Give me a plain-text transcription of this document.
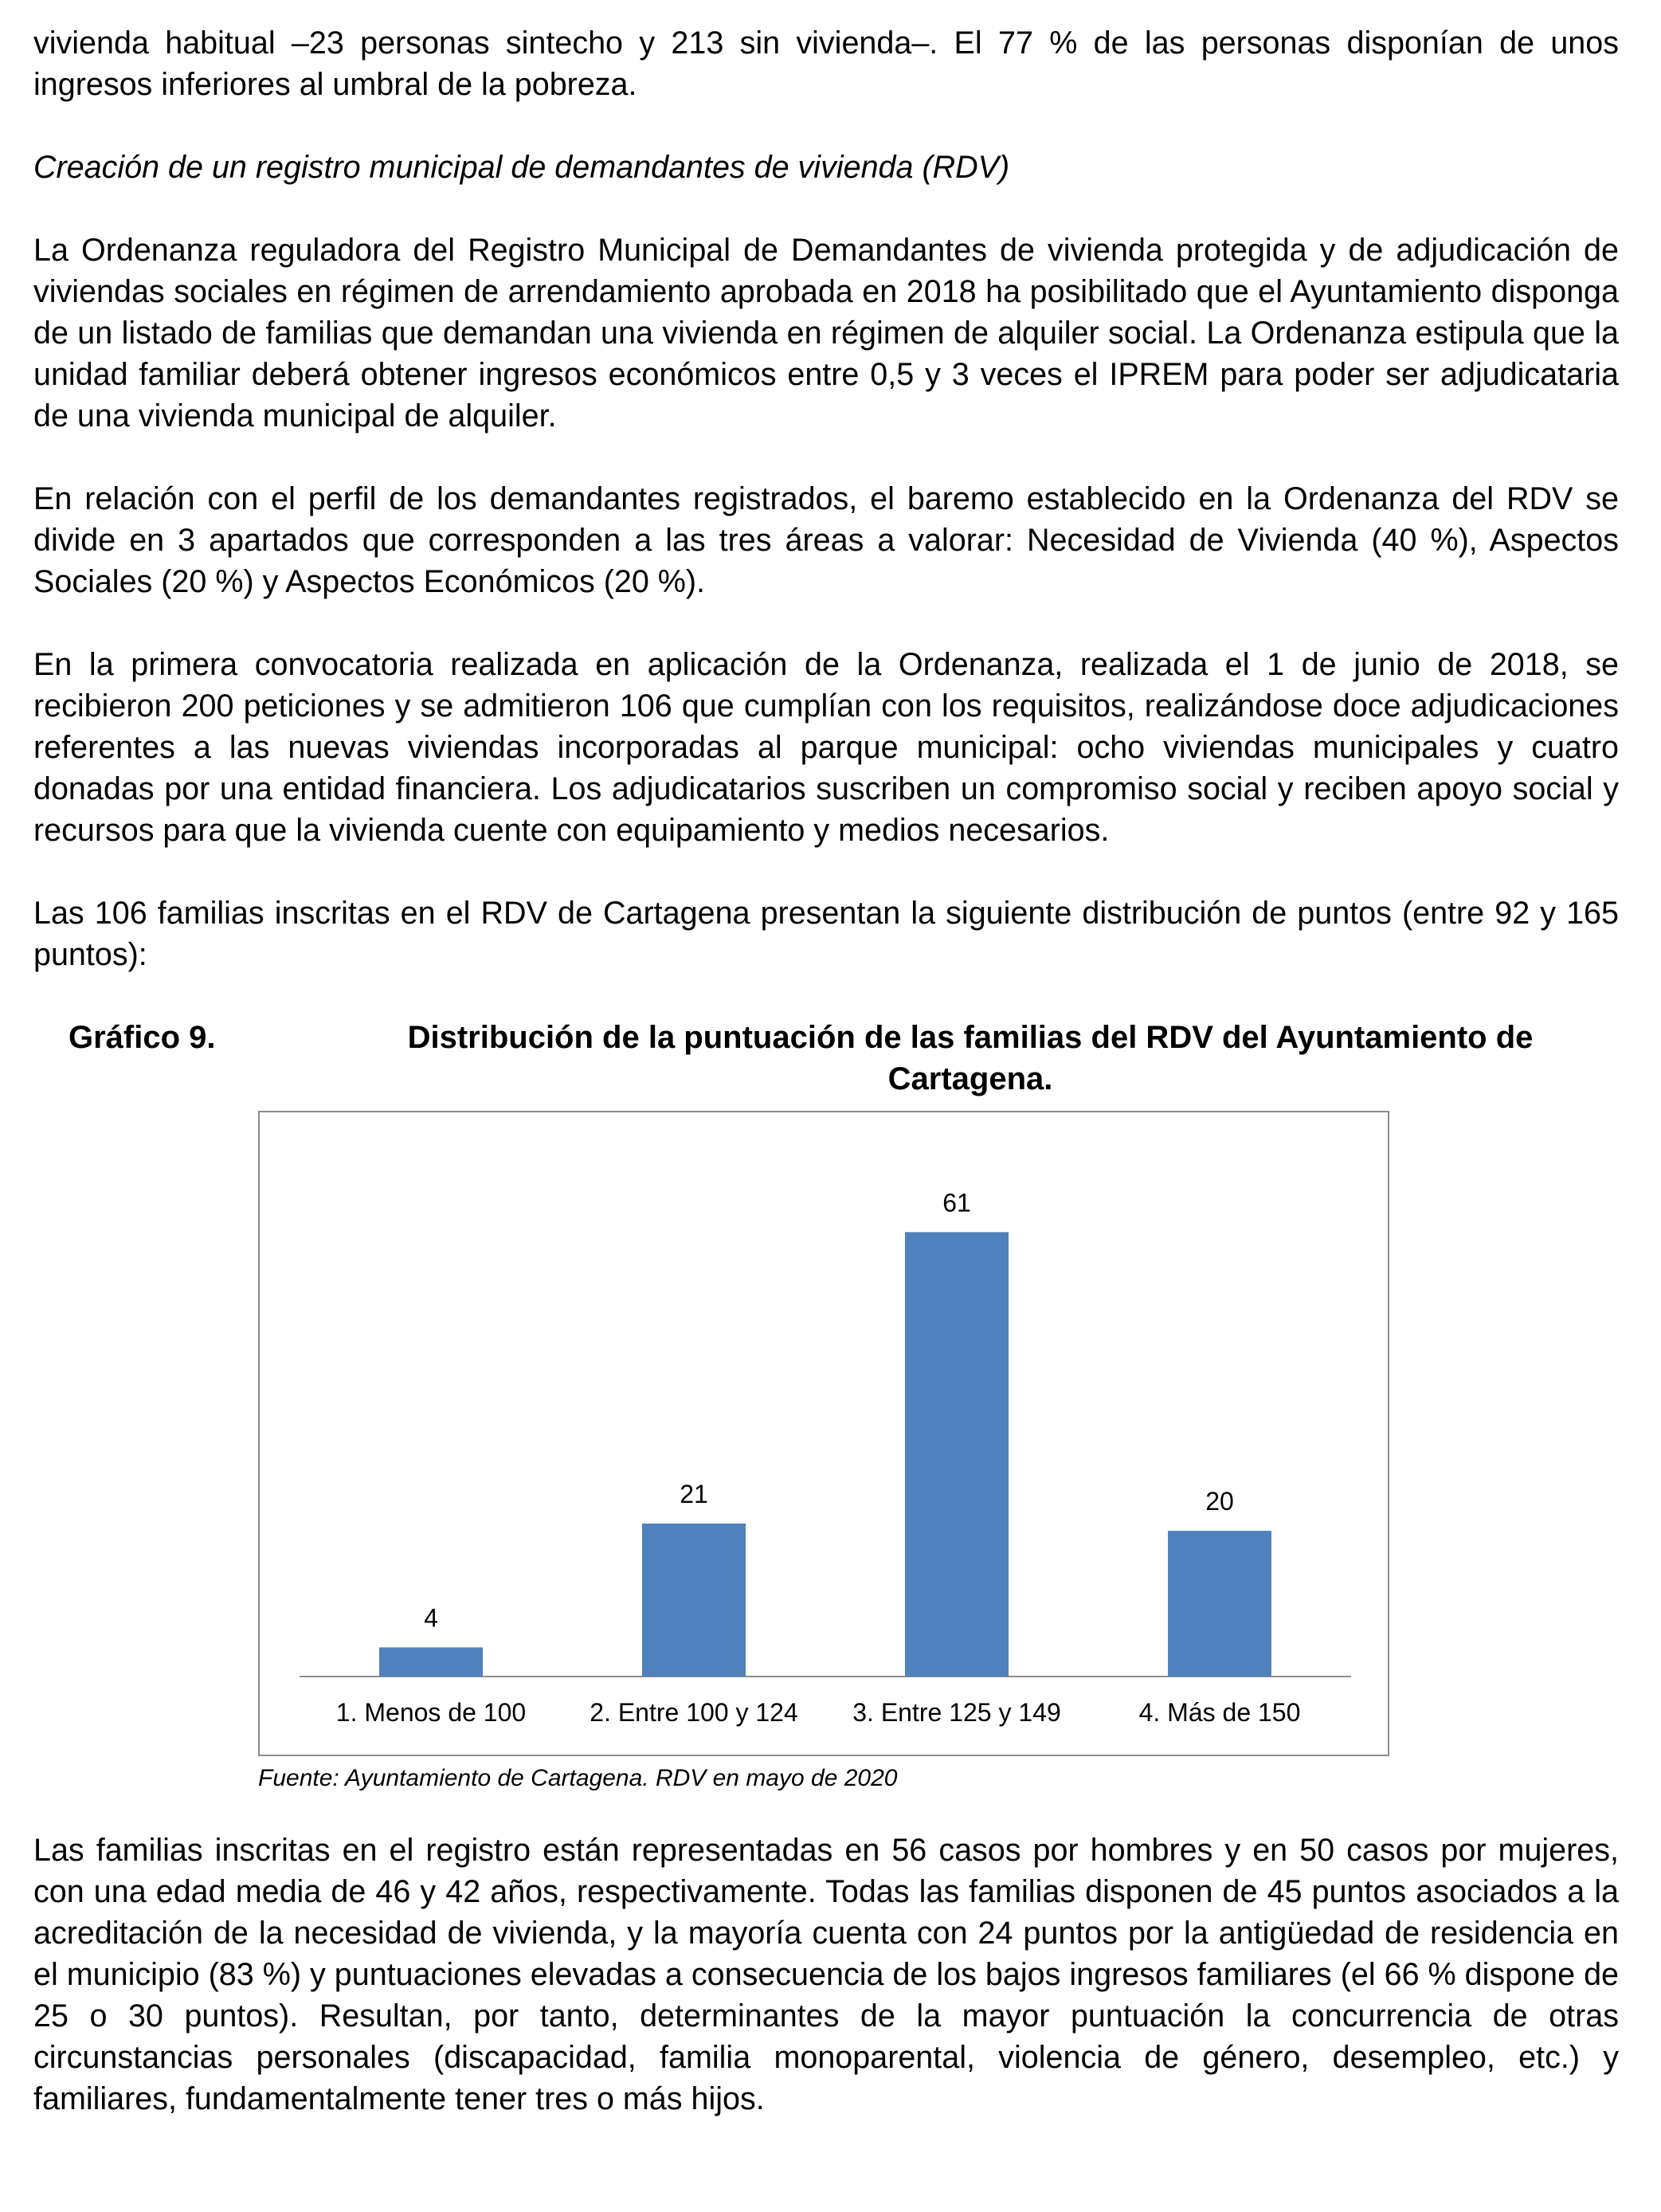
vivienda habitual –23 personas sintecho y 213 sin vivienda–. El 77 % de las personas disponían de unos ingresos inferiores al umbral de la pobreza.

Creación de un registro municipal de demandantes de vivienda (RDV)

La Ordenanza reguladora del Registro Municipal de Demandantes de vivienda protegida y de adjudicación de viviendas sociales en régimen de arrendamiento aprobada en 2018 ha posibilitado que el Ayuntamiento disponga de un listado de familias que demandan una vivienda en régimen de alquiler social. La Ordenanza estipula que la unidad familiar deberá obtener ingresos económicos entre 0,5 y 3 veces el IPREM para poder ser adjudicataria de una vivienda municipal de alquiler.

En relación con el perfil de los demandantes registrados, el baremo establecido en la Ordenanza del RDV se divide en 3 apartados que corresponden a las tres áreas a valorar: Necesidad de Vivienda (40 %), Aspectos Sociales (20 %) y Aspectos Económicos (20 %).

En la primera convocatoria realizada en aplicación de la Ordenanza, realizada el 1 de junio de 2018, se recibieron 200 peticiones y se admitieron 106 que cumplían con los requisitos, realizándose doce adjudicaciones referentes a las nuevas viviendas incorporadas al parque municipal: ocho viviendas municipales y cuatro donadas por una entidad financiera. Los adjudicatarios suscriben un compromiso social y reciben apoyo social y recursos para que la vivienda cuente con equipamiento y medios necesarios.

Las 106 familias inscritas en el RDV de Cartagena presentan la siguiente distribución de puntos (entre 92 y 165 puntos):

Gráfico 9.	Distribución de la puntuación de las familias del RDV del Ayuntamiento de Cartagena.
4
1. Menos de 100
21
2. Entre 100 y 124
61
3. Entre 125 y 149
20
4. Más de 150

Fuente: Ayuntamiento de Cartagena. RDV en mayo de 2020

Las familias inscritas en el registro están representadas en 56 casos por hombres y en 50 casos por mujeres, con una edad media de 46 y 42 años, respectivamente. Todas las familias disponen de 45 puntos asociados a la acreditación de la necesidad de vivienda, y la mayoría cuenta con 24 puntos por la antigüedad de residencia en el municipio (83 %) y puntuaciones elevadas a consecuencia de los bajos ingresos familiares (el 66 % dispone de 25 o 30 puntos). Resultan, por tanto, determinantes de la mayor puntuación la concurrencia de otras circunstancias personales (discapacidad, familia monoparental, violencia de género, desempleo, etc.) y familiares, fundamentalmente tener tres o más hijos.
